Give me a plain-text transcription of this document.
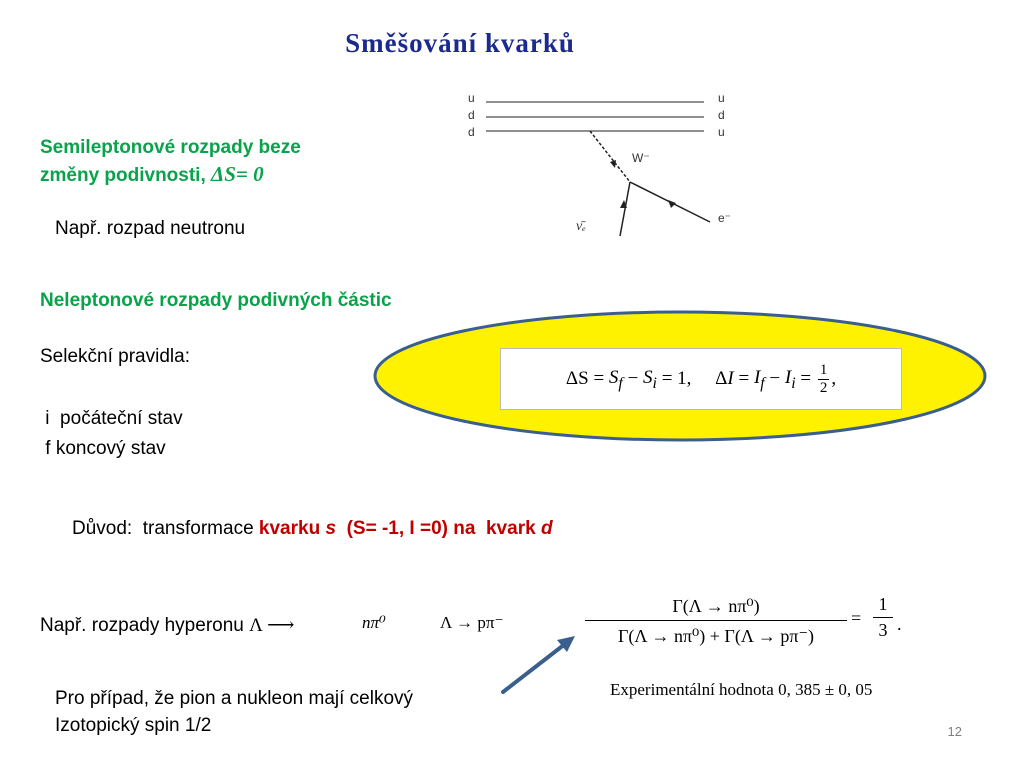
Směšování kvarků
Semileptonové rozpady beze
změny podivnosti, ΔS= 0
Např. rozpad neutronu
u
d
d
u
d
u
W⁻
e⁻
ν̄ₑ
Neleptonové rozpady podivných částic
Selekční pravidla:
i  počáteční stav
f koncový stav
$\Delta S = S_f - S_i = 1$,     $\Delta I = I_f - I_i = \frac{1}{2}$ ,
Důvod:  transformace kvarku s  (S= -1, I =0) na  kvark d
Např. rozpady hyperonu Λ ⟶	nπ⁰	Λ → pπ⁻
Γ(Λ → nπ⁰)
Γ(Λ → nπ⁰) + Γ(Λ → pπ⁻)
=
1
3 .
Experimentální hodnota 0, 385 ± 0, 05
Pro případ, že pion a nukleon mají celkový
Izotopický spin 1/2	12
